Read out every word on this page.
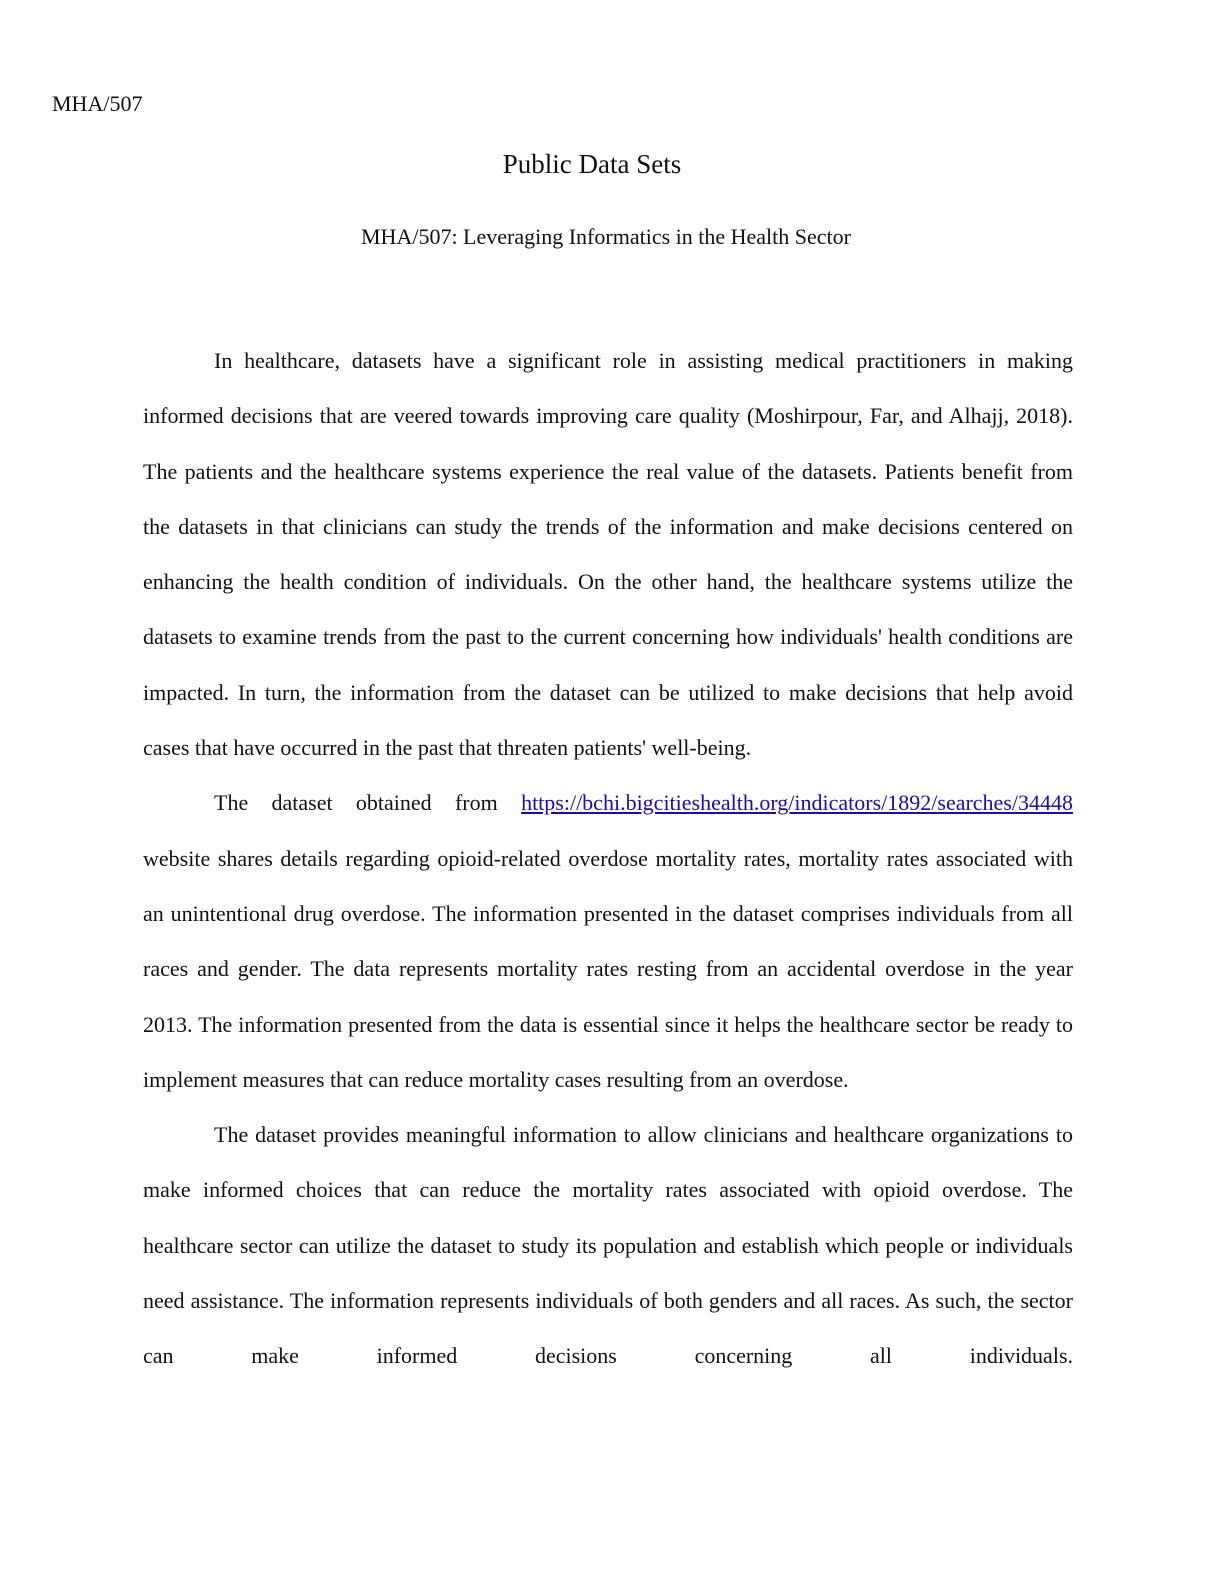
MHA/507
Public Data Sets
MHA/507: Leveraging Informatics in the Health Sector

In healthcare, datasets have a significant role in assisting medical practitioners in making informed decisions that are veered towards improving care quality (Moshirpour, Far, and Alhajj, 2018). The patients and the healthcare systems experience the real value of the datasets. Patients benefit from the datasets in that clinicians can study the trends of the information and make decisions centered on enhancing the health condition of individuals. On the other hand, the healthcare systems utilize the datasets to examine trends from the past to the current concerning how individuals' health conditions are impacted. In turn, the information from the dataset can be utilized to make decisions that help avoid cases that have occurred in the past that threaten patients' well-being.

The dataset obtained from https://bchi.bigcitieshealth.org/indicators/1892/searches/34448 website shares details regarding opioid-related overdose mortality rates, mortality rates associated with an unintentional drug overdose. The information presented in the dataset comprises individuals from all races and gender. The data represents mortality rates resting from an accidental overdose in the year 2013. The information presented from the data is essential since it helps the healthcare sector be ready to implement measures that can reduce mortality cases resulting from an overdose.

The dataset provides meaningful information to allow clinicians and healthcare organizations to make informed choices that can reduce the mortality rates associated with opioid overdose. The healthcare sector can utilize the dataset to study its population and establish which people or individuals need assistance. The information represents individuals of both genders and all races. As such, the sector can make informed decisions concerning all individuals.
